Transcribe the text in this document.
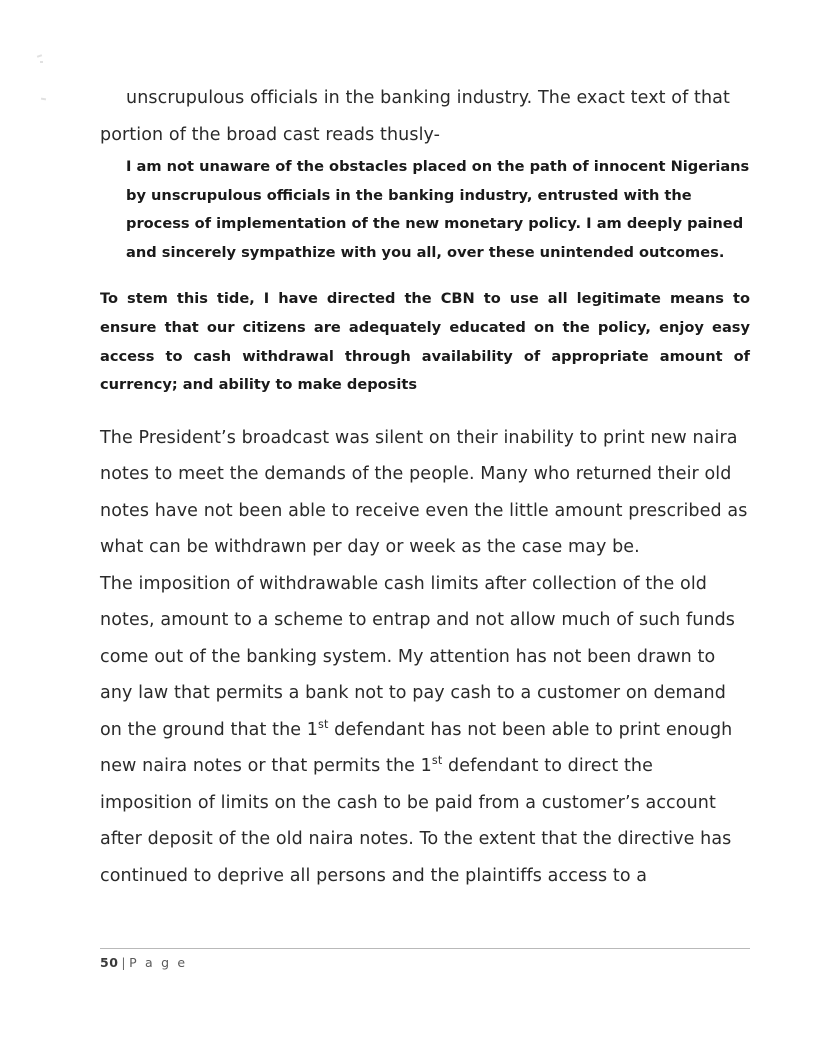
unscrupulous officials in the banking industry. The exact text of that portion of the broad cast reads thusly-

I am not unaware of the obstacles placed on the path of innocent Nigerians by unscrupulous officials in the banking industry, entrusted with the process of implementation of the new monetary policy. I am deeply pained and sincerely sympathize with you all, over these unintended outcomes.

To stem this tide, I have directed the CBN to use all legitimate means to ensure that our citizens are adequately educated on the policy, enjoy easy access to cash withdrawal through availability of appropriate amount of currency; and ability to make deposits

The President’s broadcast was silent on their inability to print new naira notes to meet the demands of the people. Many who returned their old notes have not been able to receive even the little amount prescribed as what can be withdrawn per day or week as the case may be.

The imposition of withdrawable cash limits after collection of the old notes, amount to a scheme to entrap and not allow much of such funds come out of the banking system. My attention has not been drawn to any law that permits a bank not to pay cash to a customer on demand on the ground that the 1st defendant has not been able to print enough new naira notes or that permits the 1st defendant to direct the imposition of limits on the cash to be paid from a customer’s account after deposit of the old naira notes. To the extent that the directive has continued to deprive all persons and the plaintiffs access to a

50 | P a g e
